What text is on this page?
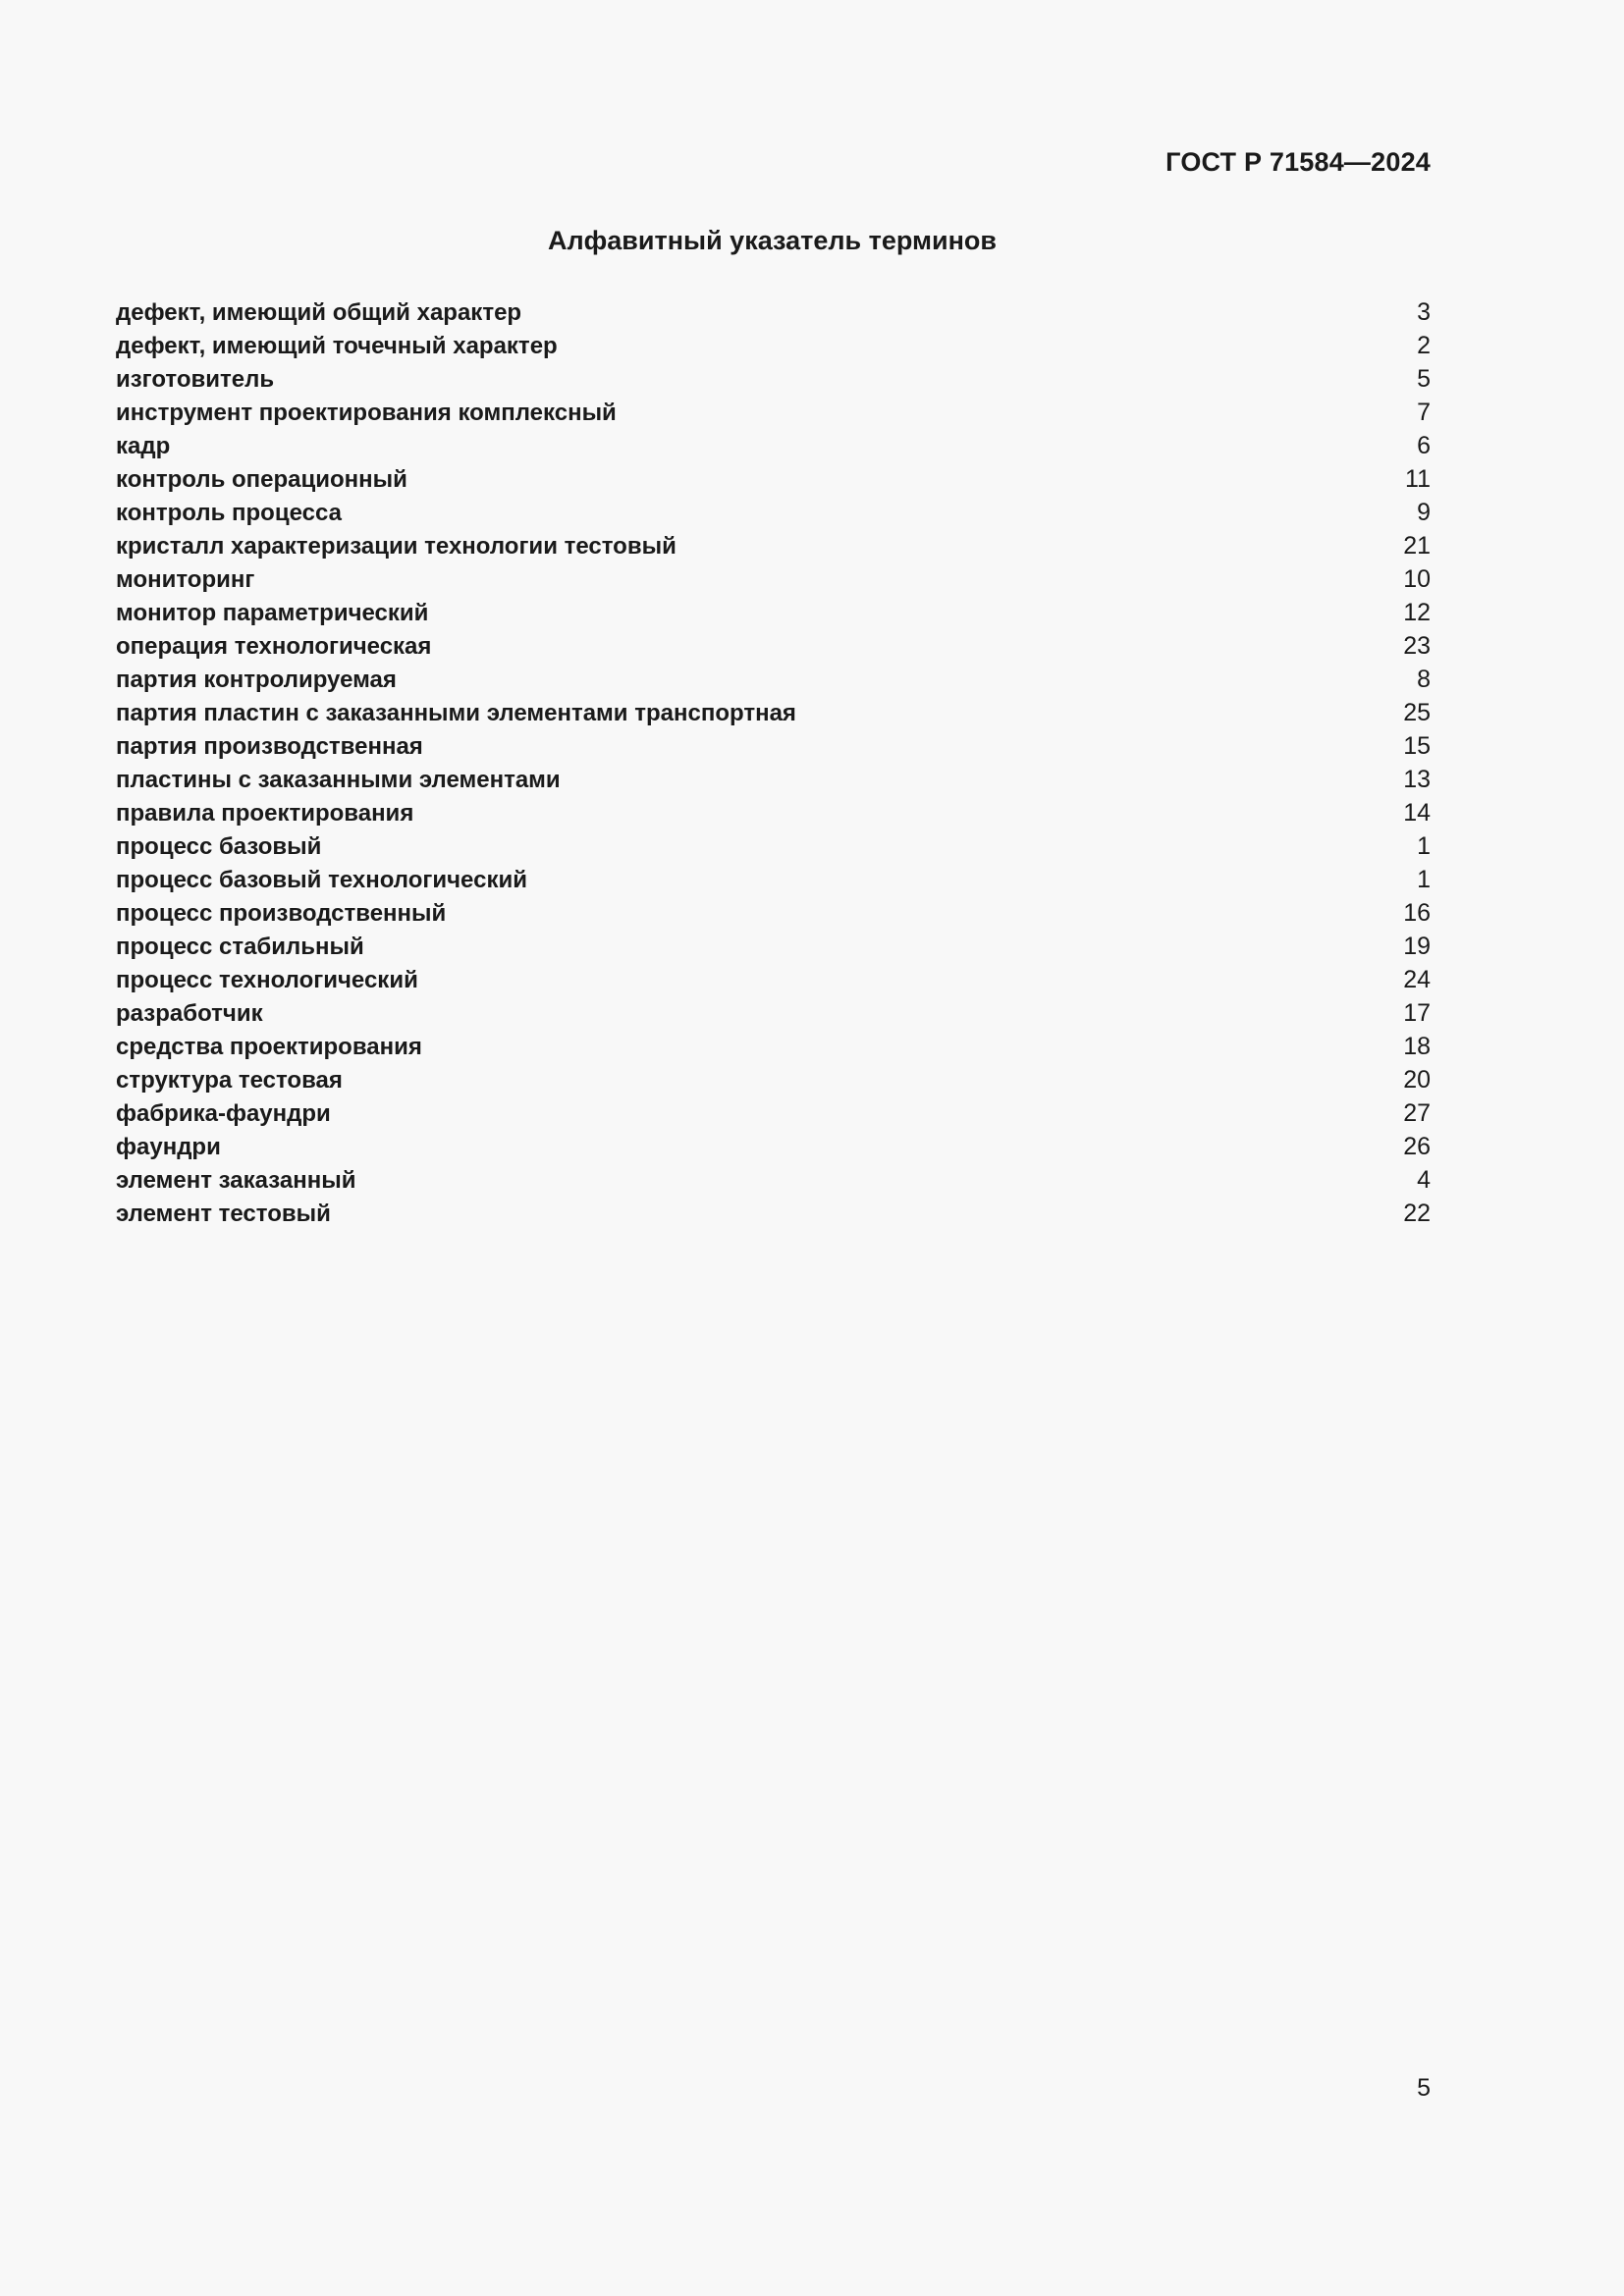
ГОСТ Р 71584—2024
Алфавитный указатель терминов
дефект, имеющий общий характер	3
дефект, имеющий точечный характер	2
изготовитель	5
инструмент проектирования комплексный	7
кадр	6
контроль операционный	11
контроль процесса	9
кристалл характеризации технологии тестовый	21
мониторинг	10
монитор параметрический	12
операция технологическая	23
партия контролируемая	8
партия пластин с заказанными элементами транспортная	25
партия производственная	15
пластины с заказанными элементами	13
правила проектирования	14
процесс базовый	1
процесс базовый технологический	1
процесс производственный	16
процесс стабильный	19
процесс технологический	24
разработчик	17
средства проектирования	18
структура тестовая	20
фабрика-фаундри	27
фаундри	26
элемент заказанный	4
элемент тестовый	22
5
